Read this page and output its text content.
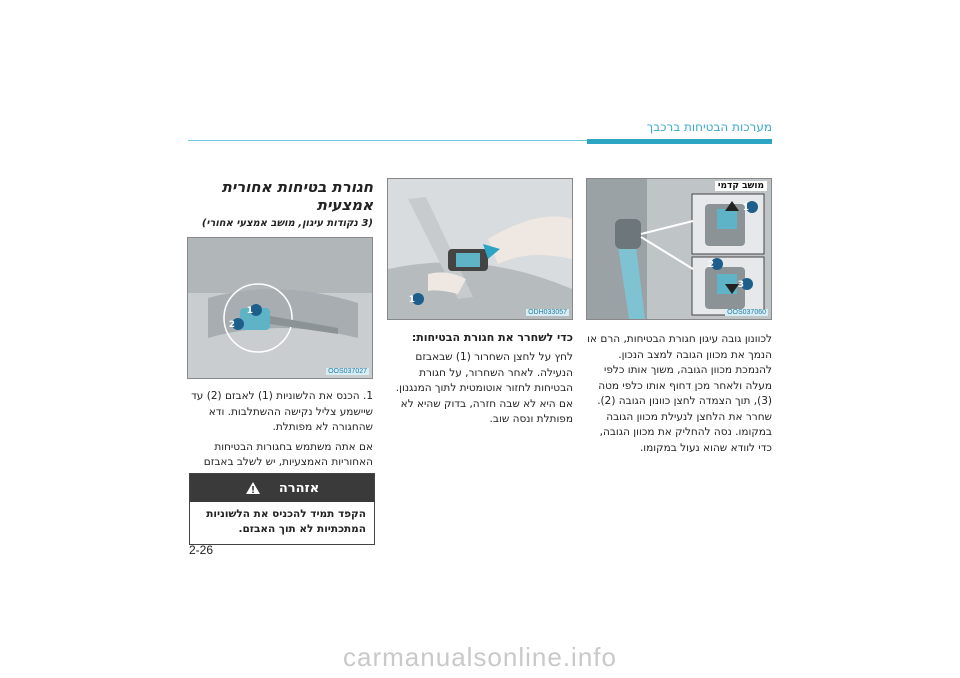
מערכות הבטיחות ברכבך
1
2
3
מושב קדמי
OOS037060

לכוונון גובה עיגון חגורת הבטיחות, הרם או הנמך את מכוון הגובה למצב הנכון.

להנמכת מכוון הגובה, משוך אותו כלפי מעלה ולאחר מכן דחוף אותו כלפי מטה (3), תוך הצמדה לחצן כוונון הגובה (2).

שחרר את הלחצן לנעילת מכוון הגובה במקומו. נסה להחליק את מכוון הגובה, כדי לוודא שהוא נעול במקומו.

1
ODH033057
כדי לשחרר את חגורת הבטיחות:

לחץ על לחצן השחרור (1) שבאבזם הנעילה. לאחר השחרור, על חגורת הבטיחות לחזור אוטומטית לתוך המנגנון. אם היא לא שבה חזרה, בדוק שהיא לא מפותלת ונסה שוב.

חגורת בטיחות אחורית אמצעית
(3 נקודות עיגון, מושב אמצעי אחורי)
1
2
OOS037027

1. הכנס את הלשוניות (1) לאבזם (2) עד שיישמע צליל נקישה ההשתלבות. ודא שהחגורה לא מפותלת.

אם אתה משתמש בחגורות הבטיחות האחוריות האמצעיות, יש לשלב באבזם

אזהרה
הקפד תמיד להכניס את הלשוניות המתכתיות לא תוך האבזם.
2-26
carmanualsonline.info
